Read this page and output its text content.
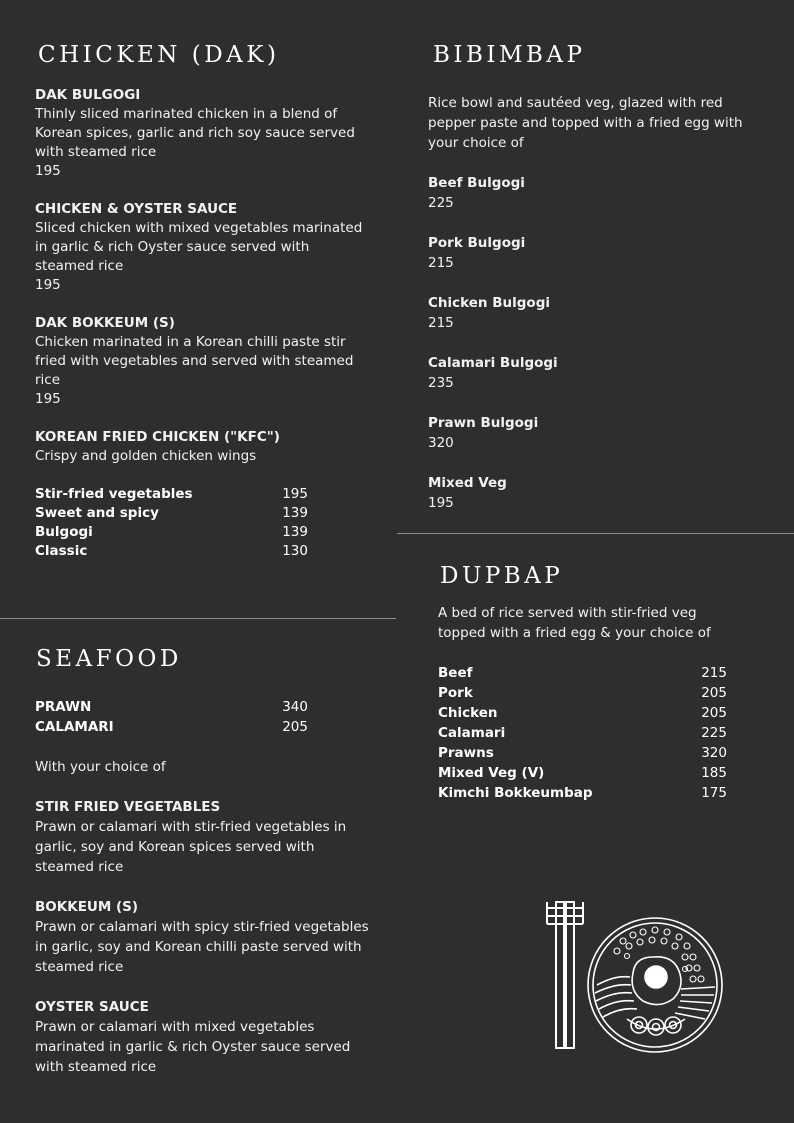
CHICKEN (DAK)
DAK BULGOGI
Thinly sliced marinated chicken in a blend of Korean spices, garlic and rich soy sauce served with steamed rice
195
CHICKEN & OYSTER SAUCE
Sliced chicken with mixed vegetables marinated in garlic & rich Oyster sauce served with steamed rice
195
DAK BOKKEUM (S)
Chicken marinated in a Korean chilli paste stir fried with vegetables and served with steamed rice
195
KOREAN FRIED CHICKEN ("KFC")
Crispy and golden chicken wings
Stir-fried vegetables	195
Sweet and spicy	139
Bulgogi	139
Classic	130
SEAFOOD
PRAWN	340
CALAMARI	205
With your choice of
STIR FRIED VEGETABLES
Prawn or calamari with stir-fried vegetables in garlic, soy and Korean spices served with steamed rice
BOKKEUM (S)
Prawn or calamari with spicy stir-fried vegetables in garlic, soy and Korean chilli paste served with steamed rice
OYSTER SAUCE
Prawn or calamari with mixed vegetables marinated in garlic & rich Oyster sauce served with steamed rice
BIBIMBAP
Rice bowl and sautéed veg, glazed with red pepper paste and topped with a fried egg with your choice of
Beef Bulgogi
225
Pork Bulgogi
215
Chicken Bulgogi
215
Calamari Bulgogi
235
Prawn Bulgogi
320
Mixed Veg
195
DUPBAP
A bed of rice served with stir-fried veg topped with a fried egg & your choice of
Beef	215
Pork	205
Chicken	205
Calamari	225
Prawns	320
Mixed Veg (V)	185
Kimchi Bokkeumbap	175
